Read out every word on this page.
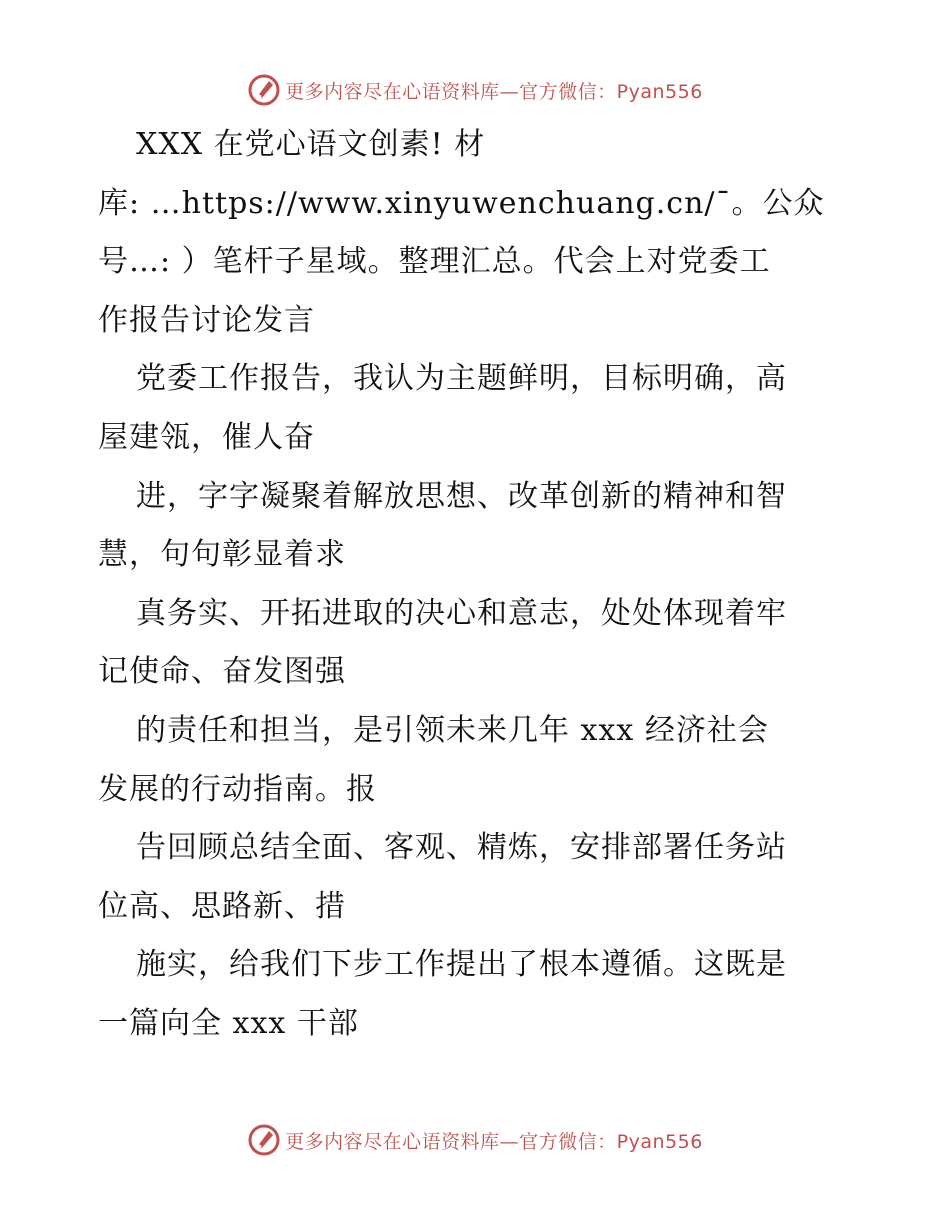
更多内容尽在心语资料库—官方微信：Pyan556
XXX 在党心语文创素! 材
库: …https://www.xinyuwenchuang.cn/¯。公众
号…: ）笔杆子星域。整理汇总。代会上对党委工
作报告讨论发言
党委工作报告，我认为主题鲜明，目标明确，高
屋建瓴，催人奋
进，字字凝聚着解放思想、改革创新的精神和智
慧，句句彰显着求
真务实、开拓进取的决心和意志，处处体现着牢
记使命、奋发图强
的责任和担当，是引领未来几年 xxx 经济社会
发展的行动指南。报
告回顾总结全面、客观、精炼，安排部署任务站
位高、思路新、措
施实，给我们下步工作提出了根本遵循。这既是
一篇向全 xxx 干部
更多内容尽在心语资料库—官方微信：Pyan556
